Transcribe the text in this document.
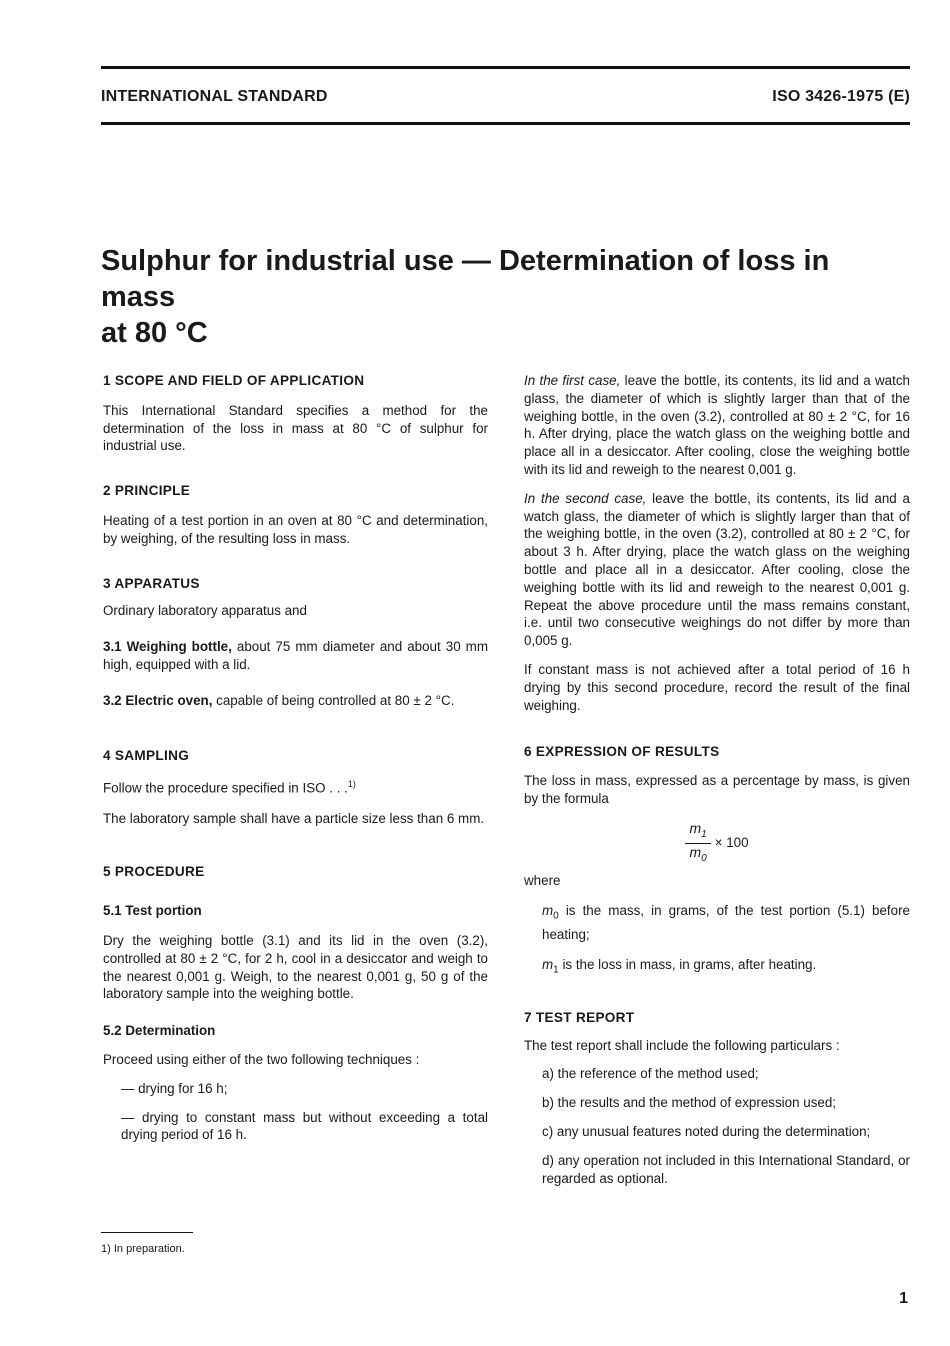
INTERNATIONAL STANDARD	ISO 3426-1975 (E)
Sulphur for industrial use — Determination of loss in mass
at 80 °C

1 SCOPE AND FIELD OF APPLICATION

This International Standard specifies a method for the determination of the loss in mass at 80 °C of sulphur for industrial use.

2 PRINCIPLE

Heating of a test portion in an oven at 80 °C and determination, by weighing, of the resulting loss in mass.

3 APPARATUS

Ordinary laboratory apparatus and

3.1 Weighing bottle, about 75 mm diameter and about 30 mm high, equipped with a lid.

3.2 Electric oven, capable of being controlled at 80 ± 2 °C.

4 SAMPLING

Follow the procedure specified in ISO . . .$^{1)}$

The laboratory sample shall have a particle size less than 6 mm.

5 PROCEDURE

5.1 Test portion

Dry the weighing bottle (3.1) and its lid in the oven (3.2), controlled at 80 ± 2 °C, for 2 h, cool in a desiccator and weigh to the nearest 0,001 g. Weigh, to the nearest 0,001 g, 50 g of the laboratory sample into the weighing bottle.

5.2 Determination

Proceed using either of the two following techniques :

— drying for 16 h;

— drying to constant mass but without exceeding a total drying period of 16 h.

In the first case, leave the bottle, its contents, its lid and a watch glass, the diameter of which is slightly larger than that of the weighing bottle, in the oven (3.2), controlled at 80 ± 2 °C, for 16 h. After drying, place the watch glass on the weighing bottle and place all in a desiccator. After cooling, close the weighing bottle with its lid and reweigh to the nearest 0,001 g.

In the second case, leave the bottle, its contents, its lid and a watch glass, the diameter of which is slightly larger than that of the weighing bottle, in the oven (3.2), controlled at 80 ± 2 °C, for about 3 h. After drying, place the watch glass on the weighing bottle and place all in a desiccator. After cooling, close the weighing bottle with its lid and reweigh to the nearest 0,001 g. Repeat the above procedure until the mass remains constant, i.e. until two consecutive weighings do not differ by more than 0,005 g.

If constant mass is not achieved after a total period of 16 h drying by this second procedure, record the result of the final weighing.

6 EXPRESSION OF RESULTS

The loss in mass, expressed as a percentage by mass, is given by the formula

$\frac{m_1}{m_0} \times 100$

where

$m_0$ is the mass, in grams, of the test portion (5.1) before heating;

$m_1$ is the loss in mass, in grams, after heating.

7 TEST REPORT

The test report shall include the following particulars :

a) the reference of the method used;

b) the results and the method of expression used;

c) any unusual features noted during the determination;

d) any operation not included in this International Standard, or regarded as optional.

1) In preparation.
1
